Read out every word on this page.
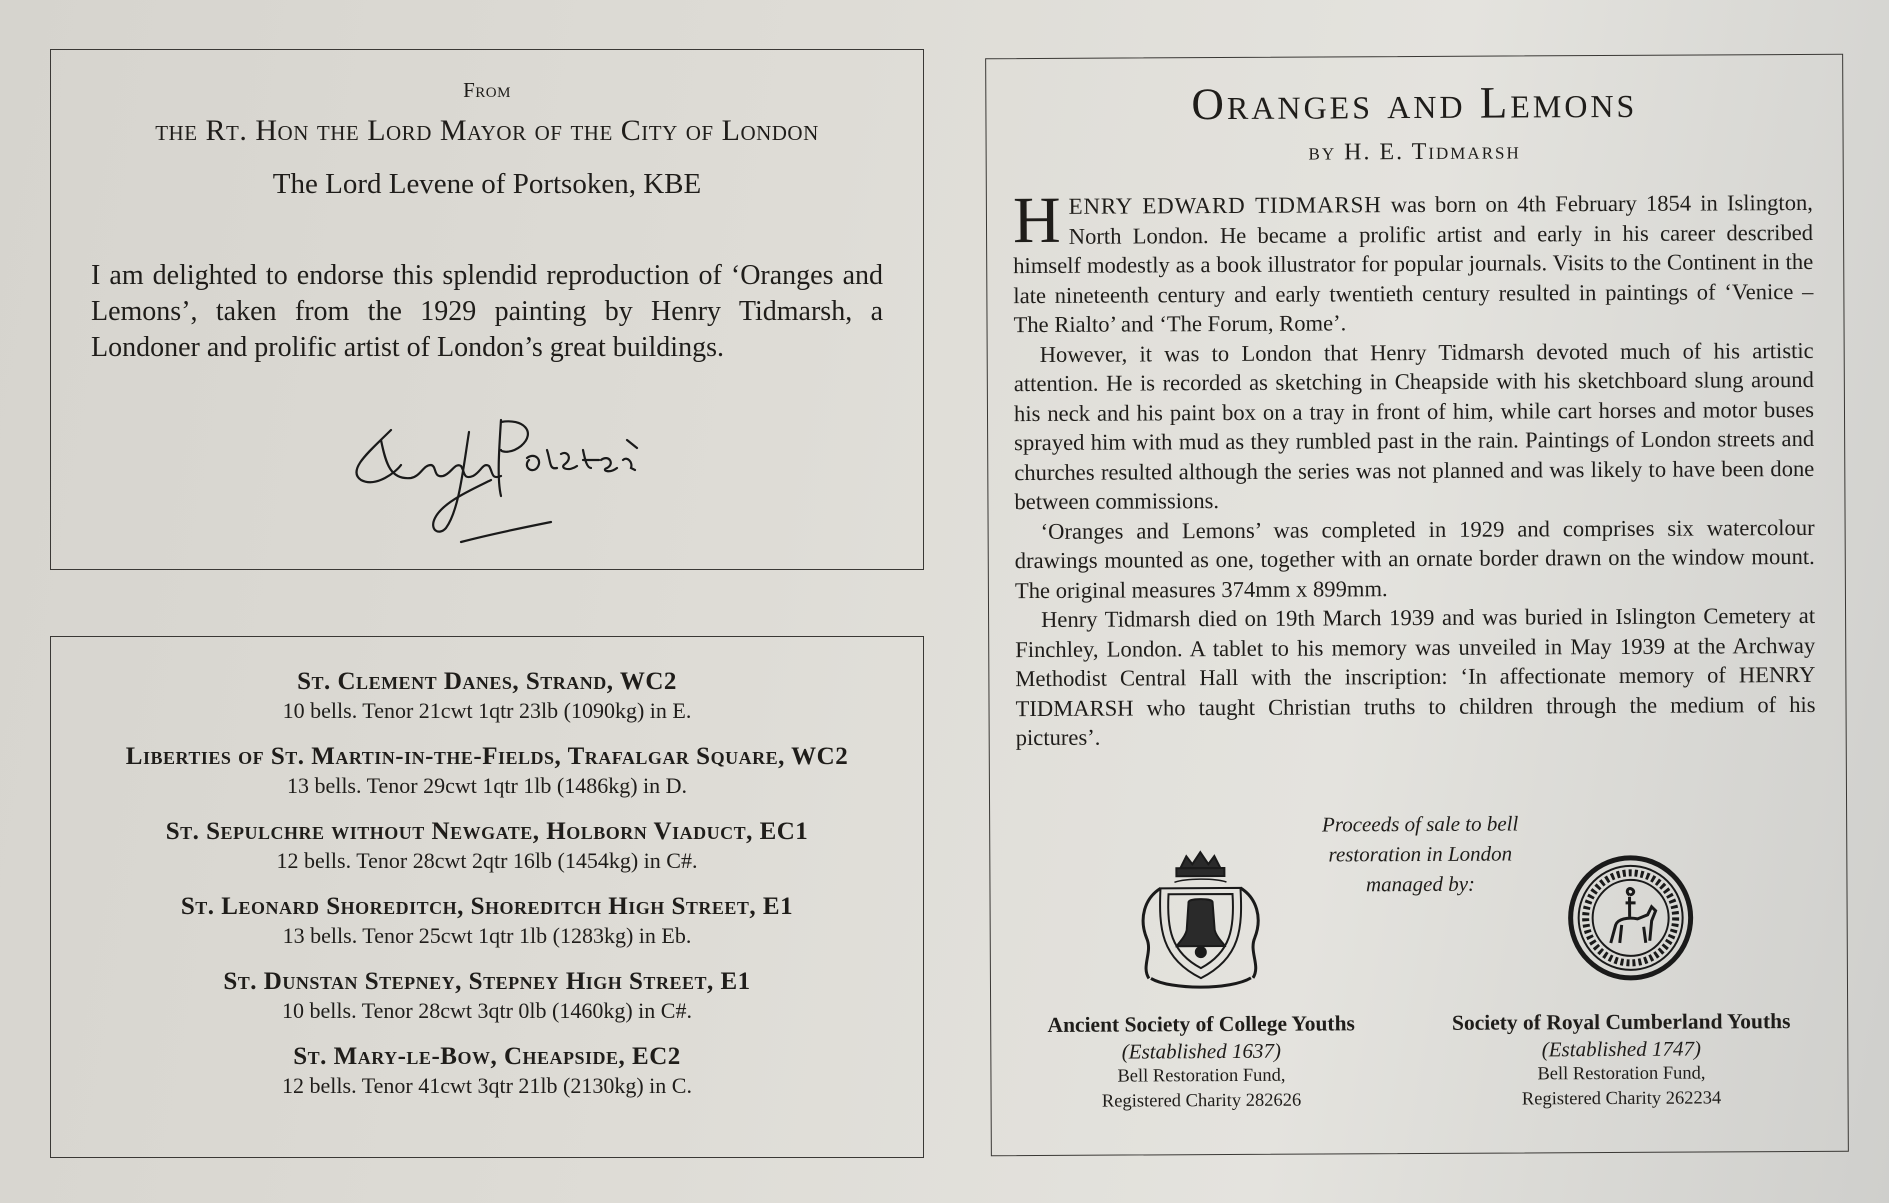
From
the Rt. Hon the Lord Mayor of the City of London
The Lord Levene of Portsoken, KBE
I am delighted to endorse this splendid reproduction of ‘Oranges and Lemons’, taken from the 1929 painting by Henry Tidmarsh, a Londoner and prolific artist of London’s great buildings.
St. Clement Danes, Strand, WC2
10 bells. Tenor 21cwt 1qtr 23lb (1090kg) in E.
Liberties of St. Martin-in-the-Fields, Trafalgar Square, WC2
13 bells. Tenor 29cwt 1qtr 1lb (1486kg) in D.
St. Sepulchre without Newgate, Holborn Viaduct, EC1
12 bells. Tenor 28cwt 2qtr 16lb (1454kg) in C#.
St. Leonard Shoreditch, Shoreditch High Street, E1
13 bells. Tenor 25cwt 1qtr 1lb (1283kg) in Eb.
St. Dunstan Stepney, Stepney High Street, E1
10 bells. Tenor 28cwt 3qtr 0lb (1460kg) in C#.
St. Mary-le-Bow, Cheapside, EC2
12 bells. Tenor 41cwt 3qtr 21lb (2130kg) in C.
Oranges and Lemons
by H. E. Tidmarsh

HENRY EDWARD TIDMARSH was born on 4th February 1854 in Islington, North London. He became a prolific artist and early in his career described himself modestly as a book illustrator for popular journals. Visits to the Continent in the late nineteenth century and early twentieth century resulted in paintings of ‘Venice – The Rialto’ and ‘The Forum, Rome’.

However, it was to London that Henry Tidmarsh devoted much of his artistic attention. He is recorded as sketching in Cheapside with his sketchboard slung around his neck and his paint box on a tray in front of him, while cart horses and motor buses sprayed him with mud as they rumbled past in the rain. Paintings of London streets and churches resulted although the series was not planned and was likely to have been done between commissions.

‘Oranges and Lemons’ was completed in 1929 and comprises six watercolour drawings mounted as one, together with an ornate border drawn on the window mount. The original measures 374mm x 899mm.

Henry Tidmarsh died on 19th March 1939 and was buried in Islington Cemetery at Finchley, London. A tablet to his memory was unveiled in May 1939 at the Archway Methodist Central Hall with the inscription: ‘In affectionate memory of HENRY TIDMARSH who taught Christian truths to children through the medium of his pictures’.

Proceeds of sale to bell restoration in London managed by:
Ancient Society of College Youths
(Established 1637)
Bell Restoration Fund,
Registered Charity 282626
Society of Royal Cumberland Youths
(Established 1747)
Bell Restoration Fund,
Registered Charity 262234
